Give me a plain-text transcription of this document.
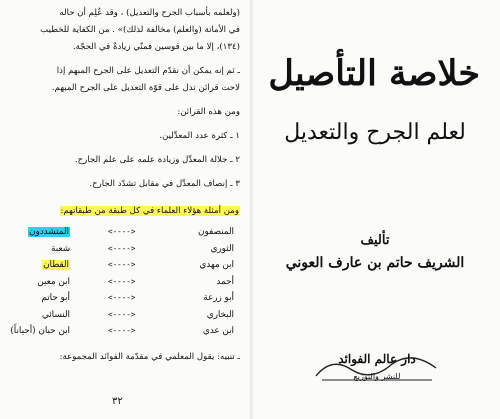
(ولعلمه بأسباب الجرح والتعديل) ، وقد عُلِم أن حاله
في الأمانة (والعلم) مخالفة لذلك)» . من الكفاية للخطيب
(١٣٤)، إلا ما بين قوسين فمنّي زيادةٌ في الحجّة.
ـ ثم إنه يمكن أن نقدّم التعديل على الجرح المبهم إذا
لاحت قرائن تدل على قوّة التعديل على الجرح المبهم.
ومن هذه القرائن:
١ ـ كثرة عدد المعدِّلين.
٢ ـ جلالة المعدِّل وزيادة علمه على علم الجارح.
٣ ـ إنصاف المعدِّل في مقابل تشدّد الجارح.
ومن أمثلة هؤلاء العلماء في كل طبقة من طبقاتهم:
المنصفون
<---->
المتشددون
الثوري
<---->
شعبة
ابن مهدي
<---->
القطان
أحمد
<---->
ابن معين
أبو زرعة
<---->
أبو حاتم
البخاري
<---->
النسائي
ابن عدي
<---->
ابن حبان (أحياناً)
ـ تنبيه: يقول المعلمي في مقدّمة الفوائد المجموعة:
٣٢
خلاصة التأصيل
لعلم الجرح والتعديل
تأليف
الشريف حاتم بن عارف العوني
دار عالم الفوائد
للنشر والتوزيع
